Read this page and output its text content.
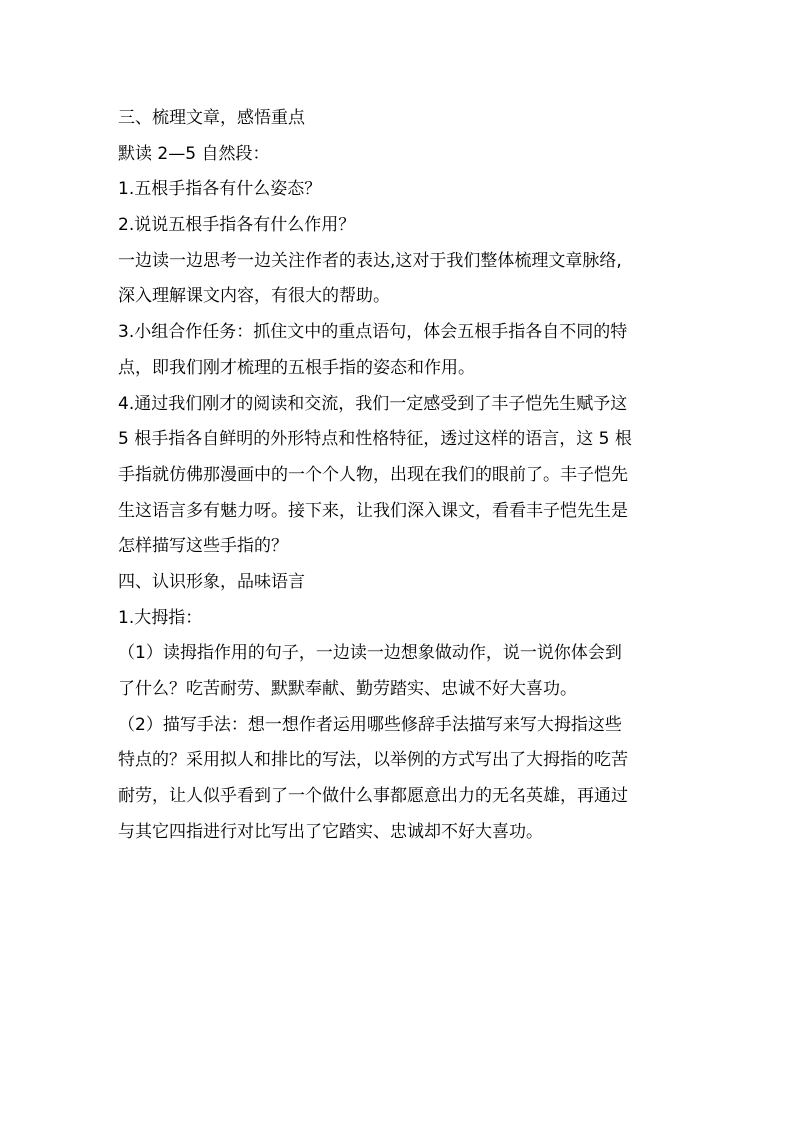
三、梳理文章，感悟重点
默读 2—5 自然段：
1.五根手指各有什么姿态？
2.说说五根手指各有什么作用？
一边读一边思考一边关注作者的表达,这对于我们整体梳理文章脉络,
深入理解课文内容，有很大的帮助。
3.小组合作任务：抓住文中的重点语句，体会五根手指各自不同的特
点，即我们刚才梳理的五根手指的姿态和作用。
4.通过我们刚才的阅读和交流，我们一定感受到了丰子恺先生赋予这
5 根手指各自鲜明的外形特点和性格特征，透过这样的语言，这 5 根
手指就仿佛那漫画中的一个个人物，出现在我们的眼前了。丰子恺先
生这语言多有魅力呀。接下来，让我们深入课文，看看丰子恺先生是
怎样描写这些手指的？
四、认识形象，品味语言
1.大拇指：
（1）读拇指作用的句子，一边读一边想象做动作，说一说你体会到
了什么？吃苦耐劳、默默奉献、勤劳踏实、忠诚不好大喜功。
（2）描写手法：想一想作者运用哪些修辞手法描写来写大拇指这些
特点的？采用拟人和排比的写法，以举例的方式写出了大拇指的吃苦
耐劳，让人似乎看到了一个做什么事都愿意出力的无名英雄，再通过
与其它四指进行对比写出了它踏实、忠诚却不好大喜功。
